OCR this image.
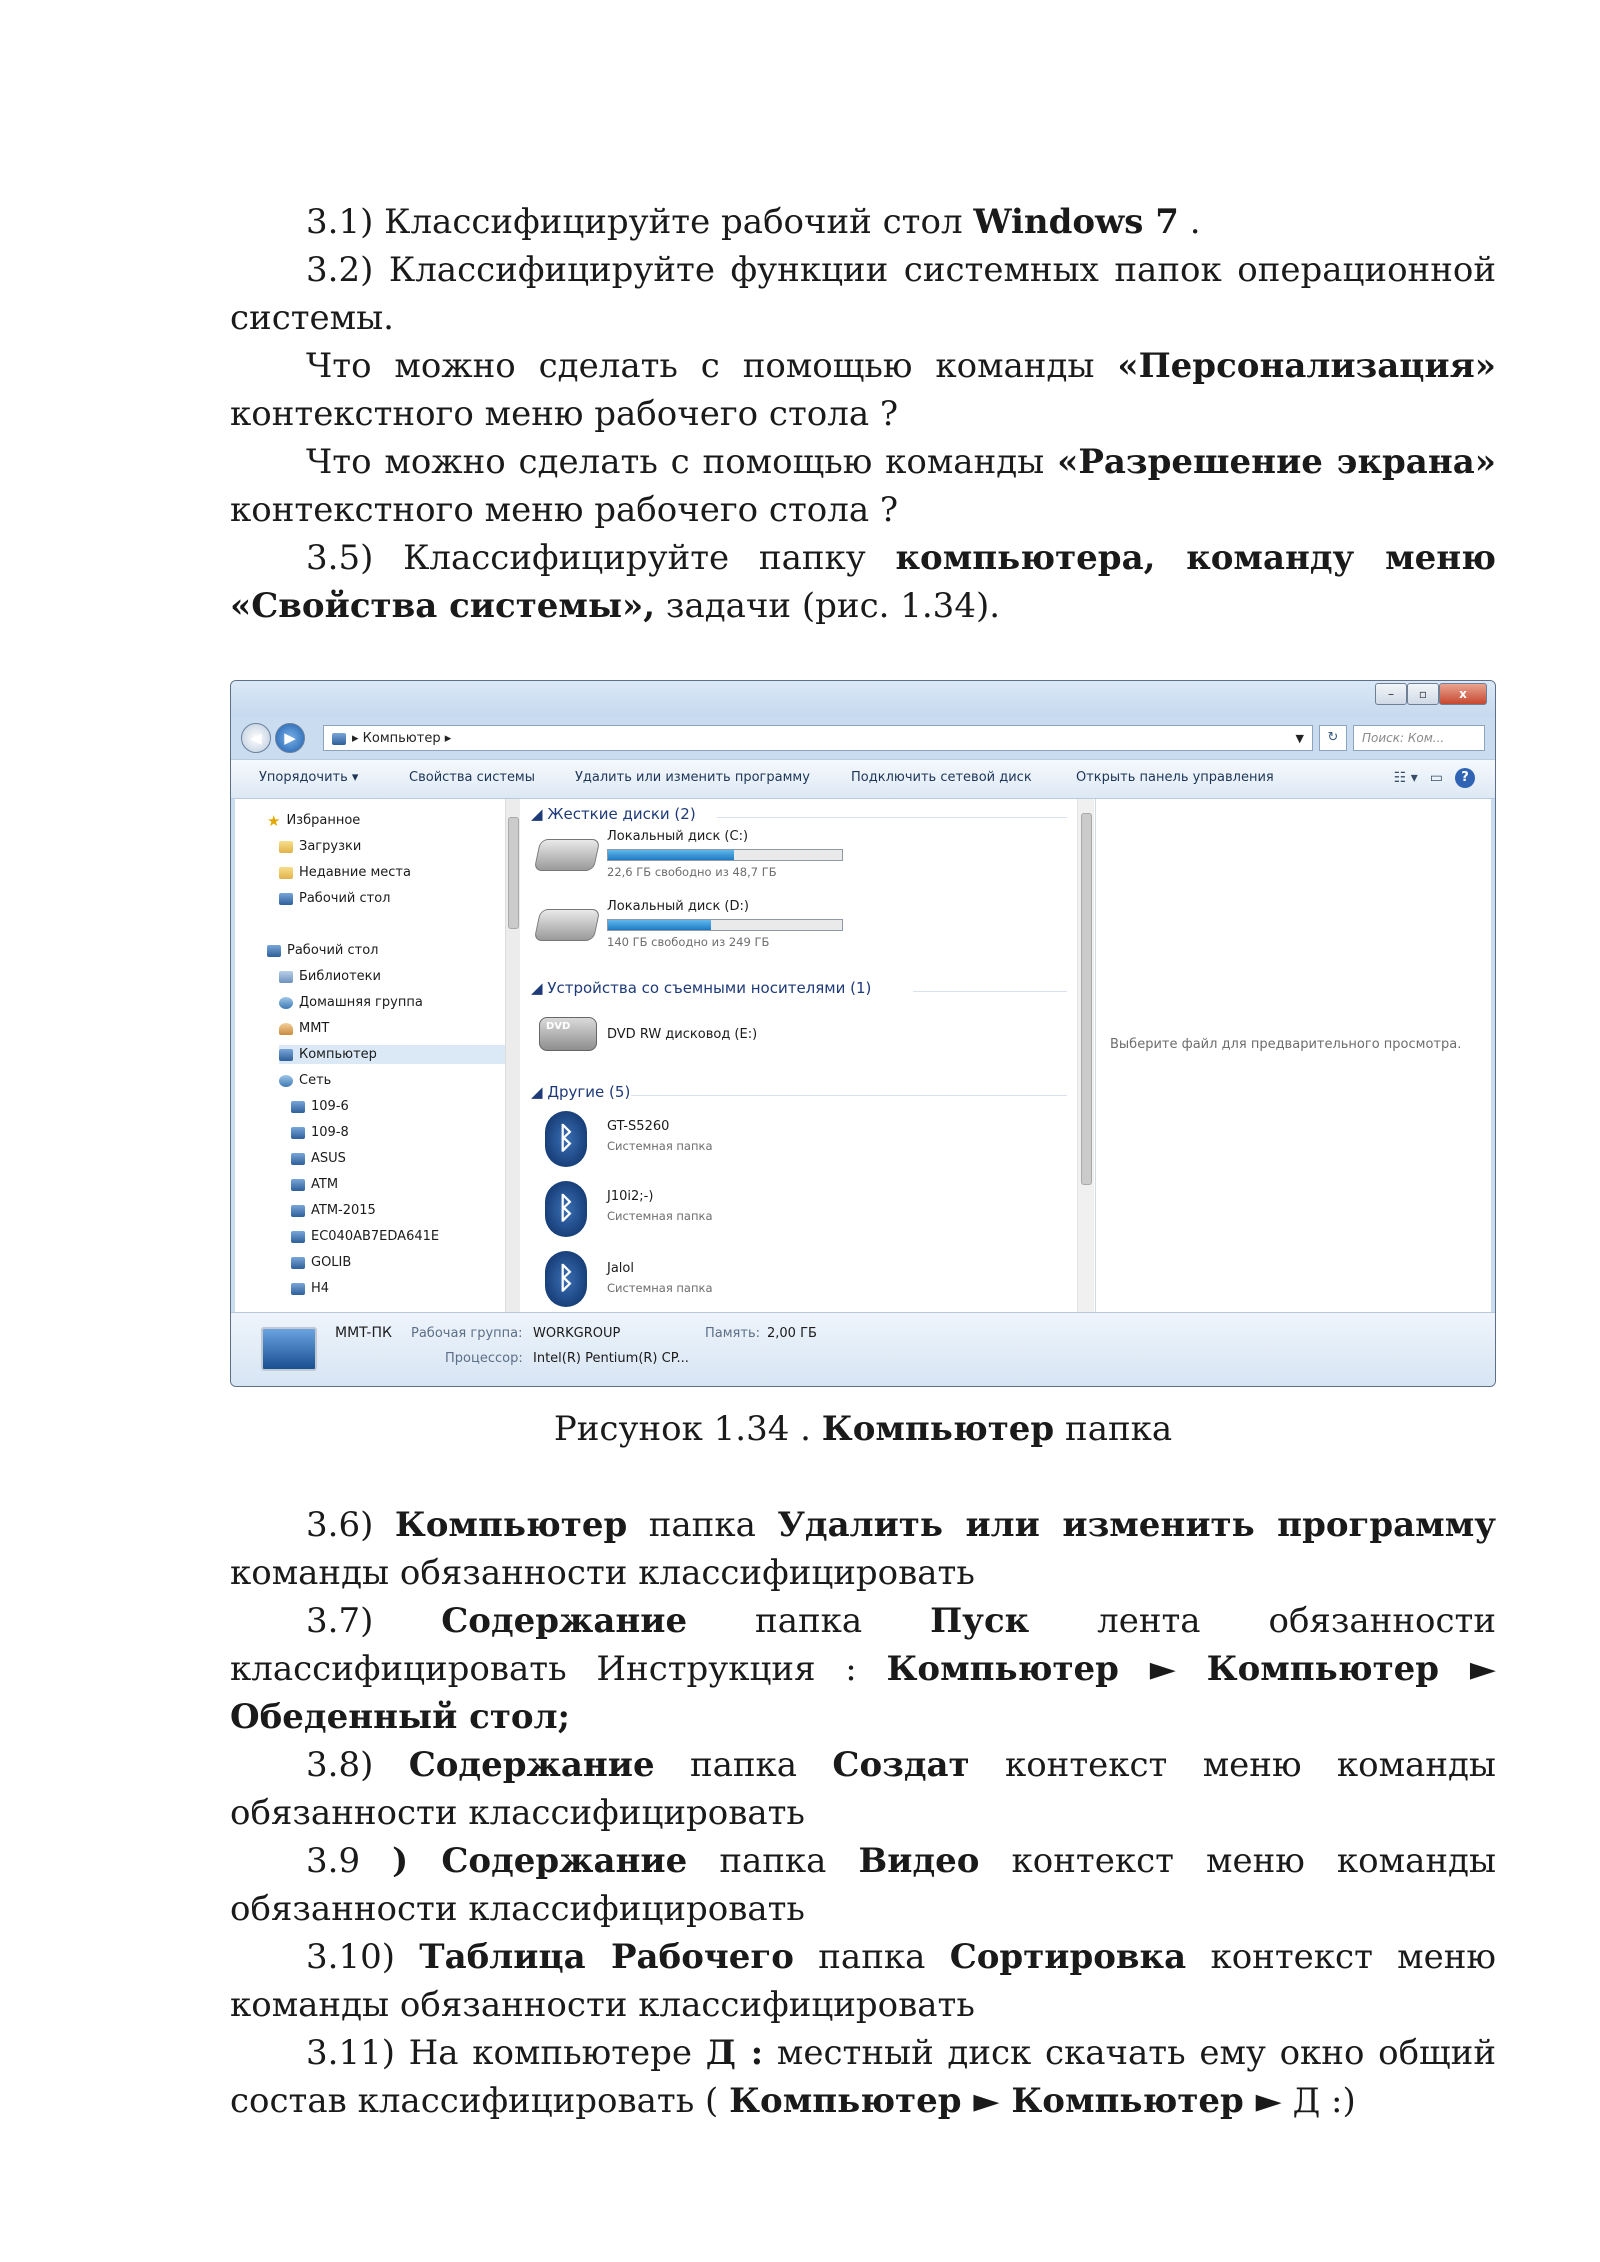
3.1) Классифицируйте рабочий стол Windows 7 .

3.2) Классифицируйте функции системных папок операционной системы.

Что можно сделать с помощью команды «Персонализация» контекстного меню рабочего стола ?

Что можно сделать с помощью команды «Разрешение экрана» контекстного меню рабочего стола ?

3.5) Классифицируйте папку компьютера, команду меню «Свойства системы», задачи (рис. 1.34).

–	▫	x
◀	▶	▸ Компьютер ▸	▼	↻	Поиск: Ком...
Упорядочить ▾	Свойства системы	Удалить или изменить программу	Подключить сетевой диск	Открыть панель управления	☷ ▾ ▭	?
★ Избранное
Загрузки
Недавние места
Рабочий стол
Рабочий стол
Библиотеки
Домашняя группа
MMT
Компьютер
Сеть
109-6
109-8
ASUS
ATM
ATM-2015
EC040AB7EDA641E
GOLIB
H4
◢ Жесткие диски (2)
Локальный диск (C:)
22,6 ГБ свободно из 48,7 ГБ
Локальный диск (D:)
140 ГБ свободно из 249 ГБ
◢ Устройства со съемными носителями (1)
DVD
DVD RW дисковод (E:)
◢ Другие (5)
ᛒ	GT-S5260
Системная папка
ᛒ	J10i2;-)
Системная папка
ᛒ	Jalol
Системная папка
Выберите файл для предварительного просмотра.
MMT-ПК Рабочая группа: WORKGROUP	Память: 2,00 ГБ
Процессор: Intel(R) Pentium(R) CP...

Рисунок 1.34 . Компьютер папка

3.6) Компьютер папка Удалить или изменить программу команды обязанности классифицировать

3.7) Содержание папка Пуск лента обязанности классифицировать Инструкция : Компьютер ► Компьютер ► Обеденный стол;

3.8) Содержание папка Создат контекст меню команды обязанности классифицировать

3.9 ) Содержание папка Видео контекст меню команды обязанности классифицировать

3.10) Таблица Рабочего папка Сортировка контекст меню команды обязанности классифицировать

3.11) На компьютере Д : местный диск скачать ему окно общий состав классифицировать ( Компьютер ► Компьютер ► Д :)
